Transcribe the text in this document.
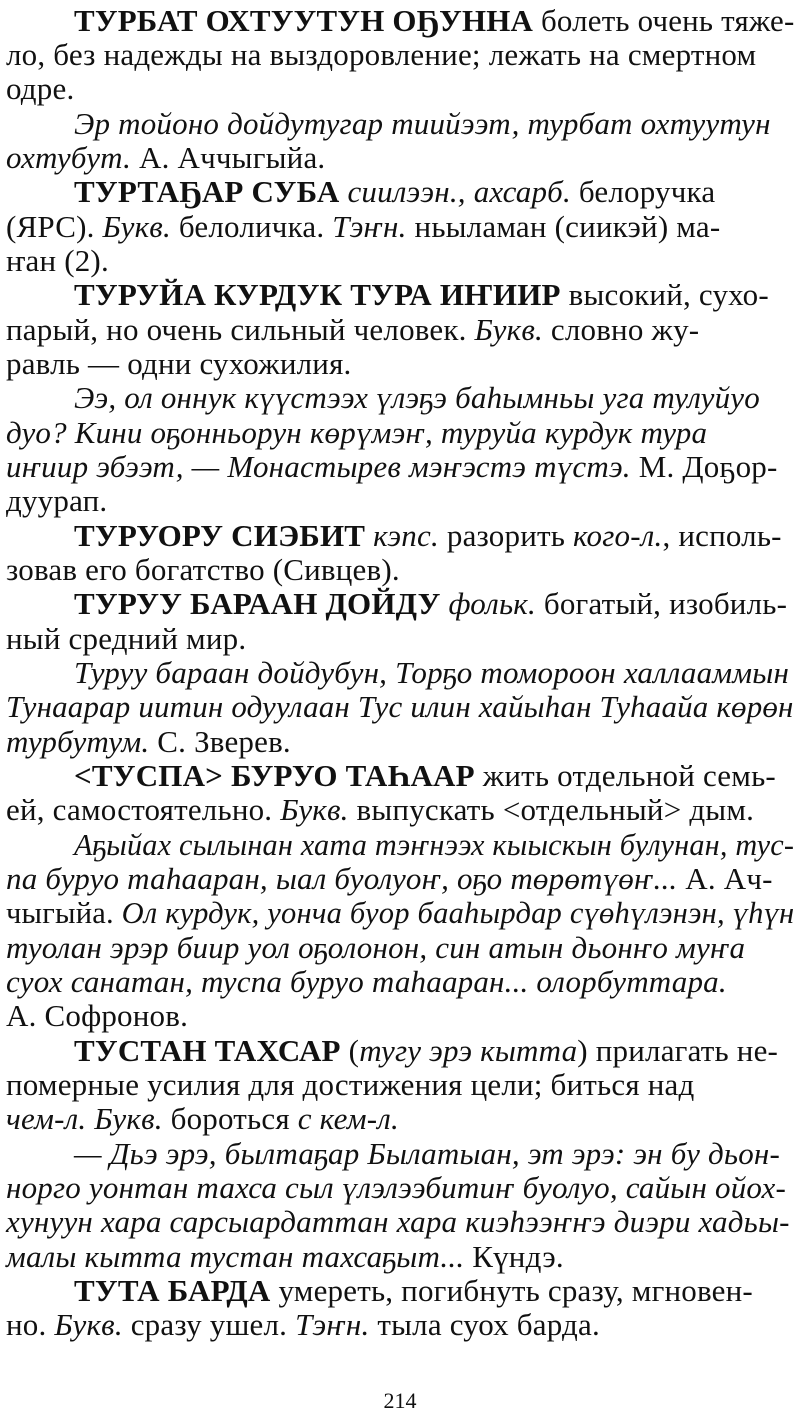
ТУРБАТ ОХТУУТУН ОҔУННА болеть очень тяже-
ло, без надежды на выздоровление; лежать на смертном
одре.
Эр тойоно дойдутугар тиийээт, турбат охтуутун
охтубут. А. Аччыгыйа.
ТУРТАҔАР СУБА сиилээн., ахсарб. белоручка
(ЯРС). Букв. белоличка. Тэҥн. ньыламан (сиикэй) ма-
ҥан (2).
ТУРУЙА КУРДУК ТУРА ИҤИИР высокий, сухо-
парый, но очень сильный человек. Букв. словно жу-
равль — одни сухожилия.
Ээ, ол оннук күүстээх үлэҕэ баһымньы уга тулуйуо
дуо? Кини оҕонньорун көрүмэҥ, туруйа курдук тура
иҥиир эбээт, — Монастырев мэҥэстэ түстэ. М. Доҕор-
дуурап.
ТУРУОРУ СИЭБИТ кэпс. разорить кого-л., исполь-
зовав его богатство (Сивцев).
ТУРУУ БАРААН ДОЙДУ фольк. богатый, изобиль-
ный средний мир.
Туруу бараан дойдубун, Торҕо томороон халлааммын
Тунаарар иитин одуулаан Тус илин хайыһан Туһаайа көрөн
турбутум. С. Зверев.
<ТУСПА> БУРУО ТАҺААР жить отдельной семь-
ей, самостоятельно. Букв. выпускать <отдельный> дым.
Аҕыйах сылынан хата тэҥнээх кыыскын булунан, тус-
па буруо таһааран, ыал буолуоҥ, оҕо төрөтүөҥ... А. Ач-
чыгыйа. Ол курдук, уонча буор бааһырдар сүөһүлэнэн, үһүн
туолан эрэр биир уол оҕолонон, син атын дьонҥо муҥа
суох санатан, туспа буруо таһааран... олорбуттара.
А. Софронов.
ТУСТАН ТАХСАР (тугу эрэ кытта) прилагать не-
померные усилия для достижения цели; биться над
чем-л. Букв. бороться с кем-л.
— Дьэ эрэ, былтаҕар Былатыан, эт эрэ: эн бу дьон-
норго уонтан тахса сыл үлэлээбитиҥ буолуо, сайын ойох-
хунуун хара сарсыардаттан хара киэһээҥҥэ диэри хадьы-
малы кытта тустан тахсаҕыт... Күндэ.
ТУТА БАРДА умереть, погибнуть сразу, мгновен-
но. Букв. сразу ушел. Тэҥн. тыла суох барда.
214
